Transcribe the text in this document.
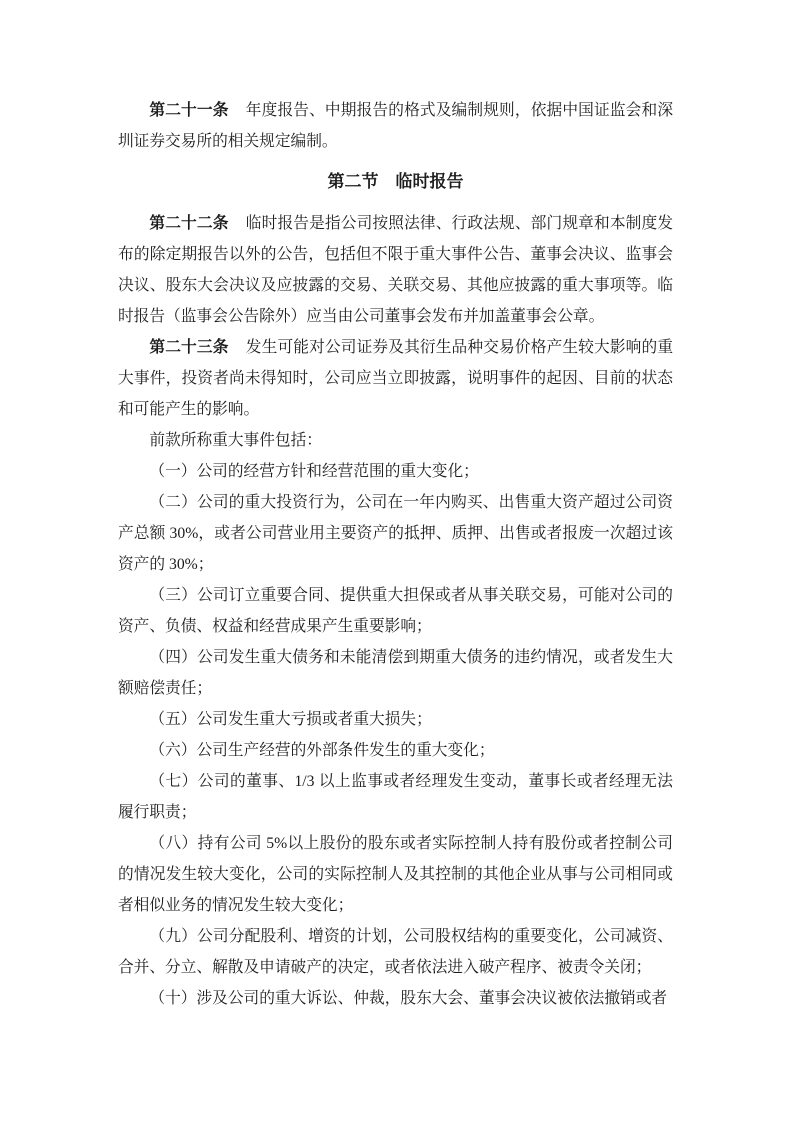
第二十一条 年度报告、中期报告的格式及编制规则，依据中国证监会和深圳证券交易所的相关规定编制。

第二节　临时报告

第二十二条 临时报告是指公司按照法律、行政法规、部门规章和本制度发布的除定期报告以外的公告，包括但不限于重大事件公告、董事会决议、监事会决议、股东大会决议及应披露的交易、关联交易、其他应披露的重大事项等。临时报告（监事会公告除外）应当由公司董事会发布并加盖董事会公章。

第二十三条 发生可能对公司证券及其衍生品种交易价格产生较大影响的重大事件，投资者尚未得知时，公司应当立即披露，说明事件的起因、目前的状态和可能产生的影响。

前款所称重大事件包括：

（一）公司的经营方针和经营范围的重大变化；

（二）公司的重大投资行为，公司在一年内购买、出售重大资产超过公司资产总额 30%，或者公司营业用主要资产的抵押、质押、出售或者报废一次超过该资产的 30%；

（三）公司订立重要合同、提供重大担保或者从事关联交易，可能对公司的资产、负债、权益和经营成果产生重要影响；

（四）公司发生重大债务和未能清偿到期重大债务的违约情况，或者发生大额赔偿责任；

（五）公司发生重大亏损或者重大损失；

（六）公司生产经营的外部条件发生的重大变化；

（七）公司的董事、1/3 以上监事或者经理发生变动，董事长或者经理无法履行职责；

（八）持有公司 5%以上股份的股东或者实际控制人持有股份或者控制公司的情况发生较大变化，公司的实际控制人及其控制的其他企业从事与公司相同或者相似业务的情况发生较大变化；

（九）公司分配股利、增资的计划，公司股权结构的重要变化，公司减资、合并、分立、解散及申请破产的决定，或者依法进入破产程序、被责令关闭；

（十）涉及公司的重大诉讼、仲裁，股东大会、董事会决议被依法撤销或者
